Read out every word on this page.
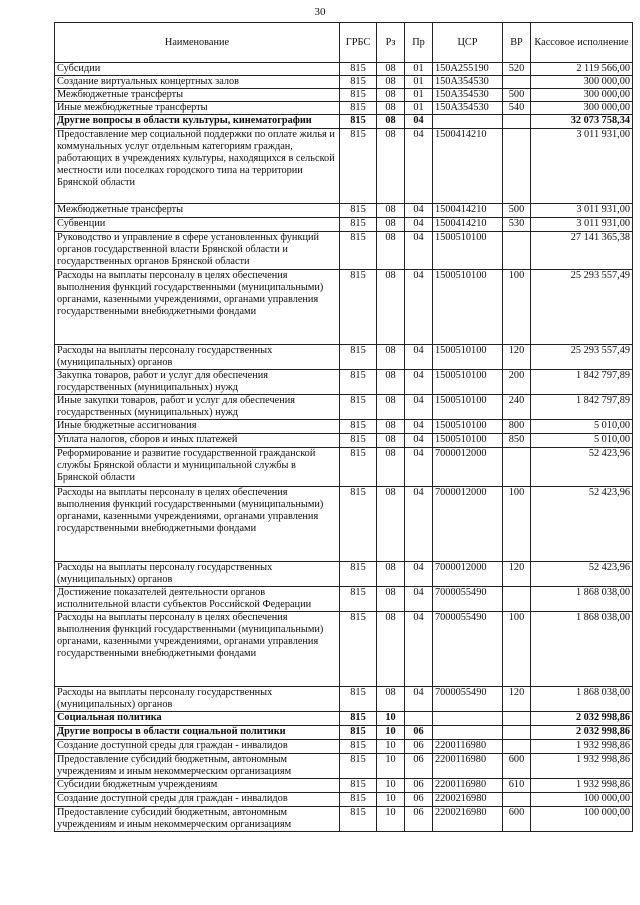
30
Наименование	ГРБС	Рз	Пр	ЦСР	ВР	Кассовое исполнение
Субсидии	815	08	01	150A255190	520	2 119 566,00
Создание виртуальных концертных залов	815	08	01	150A354530		300 000,00
Межбюджетные трансферты	815	08	01	150A354530	500	300 000,00
Иные межбюджетные трансферты	815	08	01	150A354530	540	300 000,00
Другие вопросы в области культуры, кинематографии	815	08	04			32 073 758,34
Предоставление мер социальной поддержки по оплате жилья и коммунальных услуг отдельным категориям граждан, работающих в учреждениях культуры, находящихся в сельской местности или поселках городского типа на территории Брянской области	815	08	04	1500414210		3 011 931,00
Межбюджетные трансферты	815	08	04	1500414210	500	3 011 931,00
Субвенции	815	08	04	1500414210	530	3 011 931,00
Руководство и управление в сфере установленных функций органов государственной власти Брянской области и государственных органов Брянской области	815	08	04	1500510100		27 141 365,38
Расходы на выплаты персоналу в целях обеспечения выполнения функций государственными (муниципальными) органами, казенными учреждениями, органами управления государственными внебюджетными фондами	815	08	04	1500510100	100	25 293 557,49
Расходы на выплаты персоналу государственных (муниципальных) органов	815	08	04	1500510100	120	25 293 557,49
Закупка товаров, работ и услуг для обеспечения государственных (муниципальных) нужд	815	08	04	1500510100	200	1 842 797,89
Иные закупки товаров, работ и услуг для обеспечения государственных (муниципальных) нужд	815	08	04	1500510100	240	1 842 797,89
Иные бюджетные ассигнования	815	08	04	1500510100	800	5 010,00
Уплата налогов, сборов и иных платежей	815	08	04	1500510100	850	5 010,00
Реформирование и развитие государственной гражданской службы Брянской области и муниципальной службы в Брянской области	815	08	04	7000012000		52 423,96
Расходы на выплаты персоналу в целях обеспечения выполнения функций государственными (муниципальными) органами, казенными учреждениями, органами управления государственными внебюджетными фондами	815	08	04	7000012000	100	52 423,96
Расходы на выплаты персоналу государственных (муниципальных) органов	815	08	04	7000012000	120	52 423,96
Достижение показателей деятельности органов исполнительной власти субъектов Российской Федерации	815	08	04	7000055490		1 868 038,00
Расходы на выплаты персоналу в целях обеспечения выполнения функций государственными (муниципальными) органами, казенными учреждениями, органами управления государственными внебюджетными фондами	815	08	04	7000055490	100	1 868 038,00
Расходы на выплаты персоналу государственных (муниципальных) органов	815	08	04	7000055490	120	1 868 038,00
Социальная политика	815	10				2 032 998,86
Другие вопросы в области социальной политики	815	10	06			2 032 998,86
Создание доступной среды для граждан - инвалидов	815	10	06	2200116980		1 932 998,86
Предоставление субсидий бюджетным, автономным учреждениям и иным некоммерческим организациям	815	10	06	2200116980	600	1 932 998,86
Субсидии бюджетным учреждениям	815	10	06	2200116980	610	1 932 998,86
Создание доступной среды для граждан - инвалидов	815	10	06	2200216980		100 000,00
Предоставление субсидий бюджетным, автономным учреждениям и иным некоммерческим организациям	815	10	06	2200216980	600	100 000,00
